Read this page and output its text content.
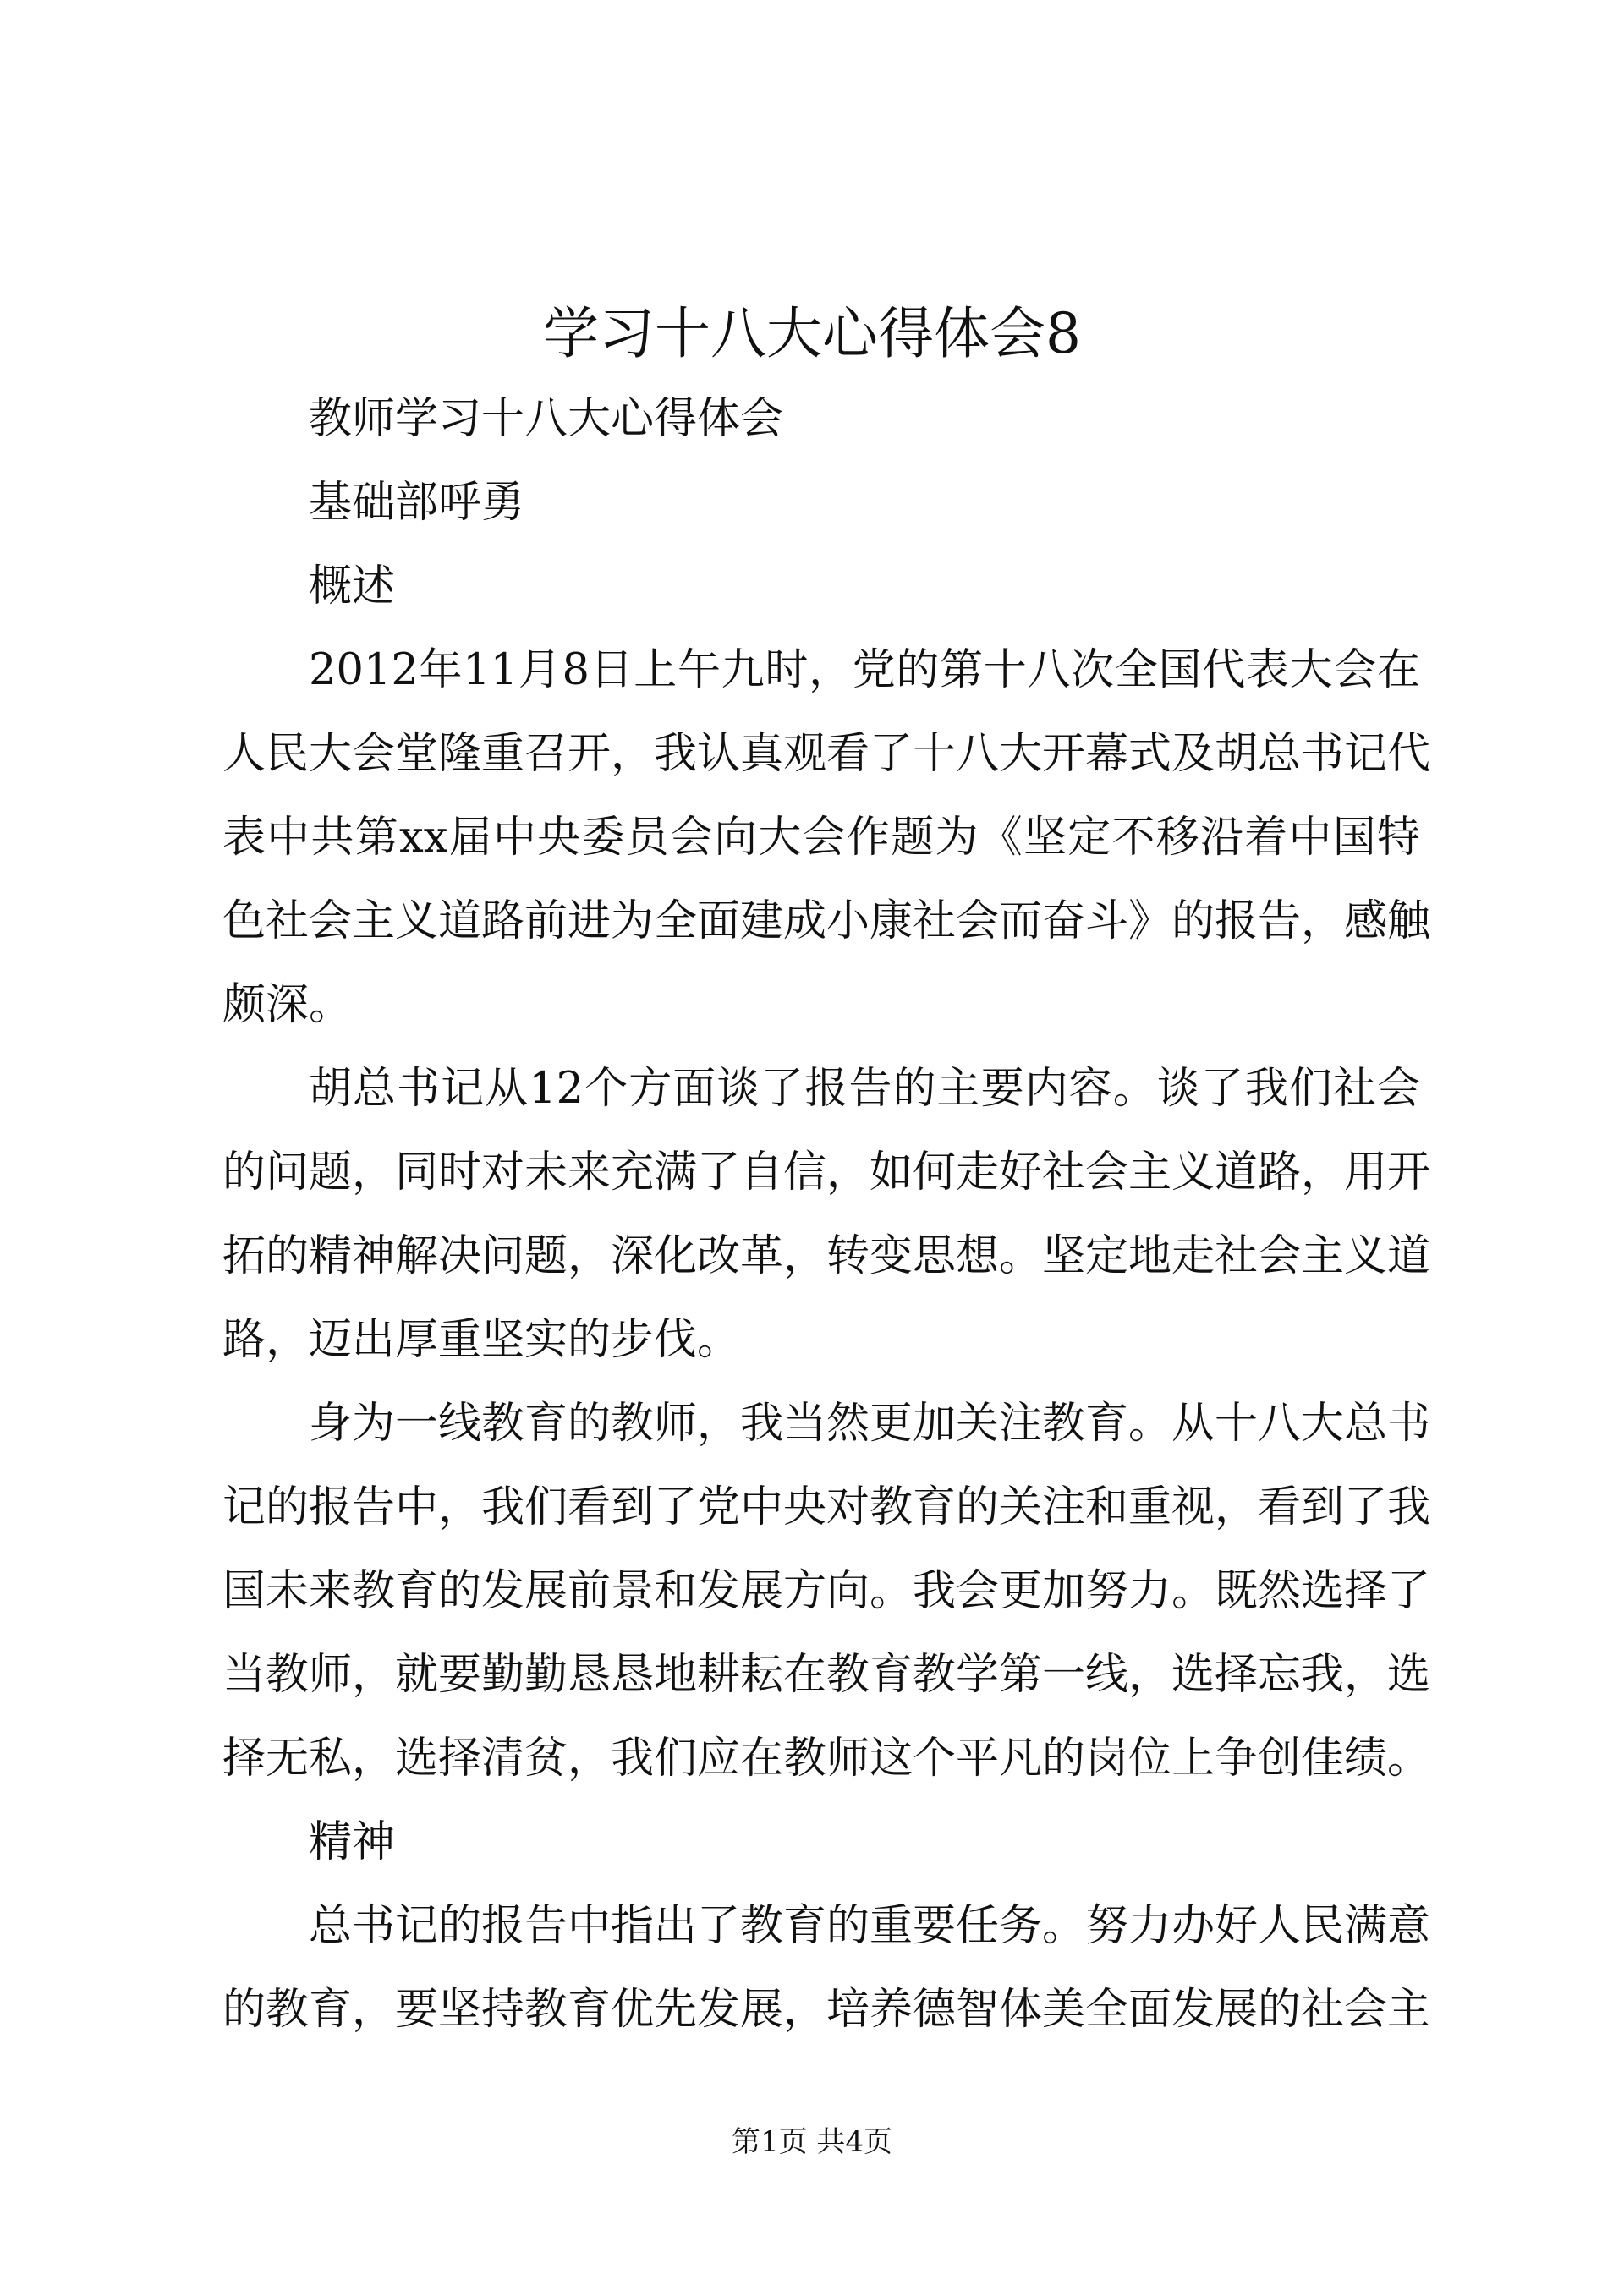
学习十八大心得体会8
教师学习十八大心得体会
基础部呼勇
概述
2012年11月8日上午九时，党的第十八次全国代表大会在
人民大会堂隆重召开，我认真观看了十八大开幕式及胡总书记代
表中共第xx届中央委员会向大会作题为《坚定不移沿着中国特
色社会主义道路前进为全面建成小康社会而奋斗》的报告，感触
颇深。
胡总书记从12个方面谈了报告的主要内容。谈了我们社会
的问题，同时对未来充满了自信，如何走好社会主义道路，用开
拓的精神解决问题，深化改革，转变思想。坚定地走社会主义道
路，迈出厚重坚实的步伐。
身为一线教育的教师，我当然更加关注教育。从十八大总书
记的报告中，我们看到了党中央对教育的关注和重视，看到了我
国未来教育的发展前景和发展方向。我会更加努力。既然选择了
当教师，就要勤勤恳恳地耕耘在教育教学第一线，选择忘我，选
择无私，选择清贫，我们应在教师这个平凡的岗位上争创佳绩。
精神
总书记的报告中指出了教育的重要任务。努力办好人民满意
的教育，要坚持教育优先发展，培养德智体美全面发展的社会主
第1页 共4页
